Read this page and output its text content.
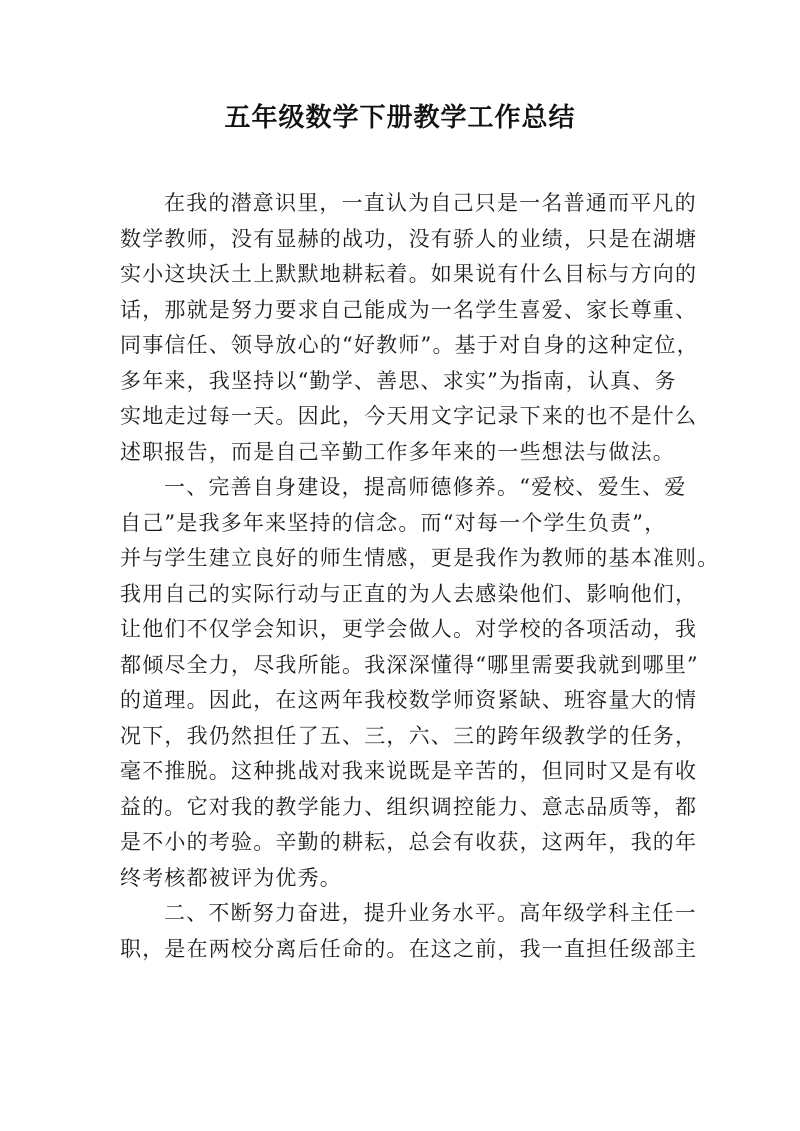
五年级数学下册教学工作总结
在我的潜意识里，一直认为自己只是一名普通而平凡的
数学教师，没有显赫的战功，没有骄人的业绩，只是在湖塘
实小这块沃土上默默地耕耘着。如果说有什么目标与方向的
话，那就是努力要求自己能成为一名学生喜爱、家长尊重、
同事信任、领导放心的“好教师”。基于对自身的这种定位，
多年来，我坚持以“勤学、善思、求实”为指南，认真、务
实地走过每一天。因此，今天用文字记录下来的也不是什么
述职报告，而是自己辛勤工作多年来的一些想法与做法。
一、完善自身建设，提高师德修养。“爱校、爱生、爱
自己”是我多年来坚持的信念。而“对每一个学生负责”，
并与学生建立良好的师生情感，更是我作为教师的基本准则。
我用自己的实际行动与正直的为人去感染他们、影响他们，
让他们不仅学会知识，更学会做人。对学校的各项活动，我
都倾尽全力，尽我所能。我深深懂得“哪里需要我就到哪里”
的道理。因此，在这两年我校数学师资紧缺、班容量大的情
况下，我仍然担任了五、三，六、三的跨年级教学的任务，
毫不推脱。这种挑战对我来说既是辛苦的，但同时又是有收
益的。它对我的教学能力、组织调控能力、意志品质等，都
是不小的考验。辛勤的耕耘，总会有收获，这两年，我的年
终考核都被评为优秀。
二、不断努力奋进，提升业务水平。高年级学科主任一
职，是在两校分离后任命的。在这之前，我一直担任级部主
